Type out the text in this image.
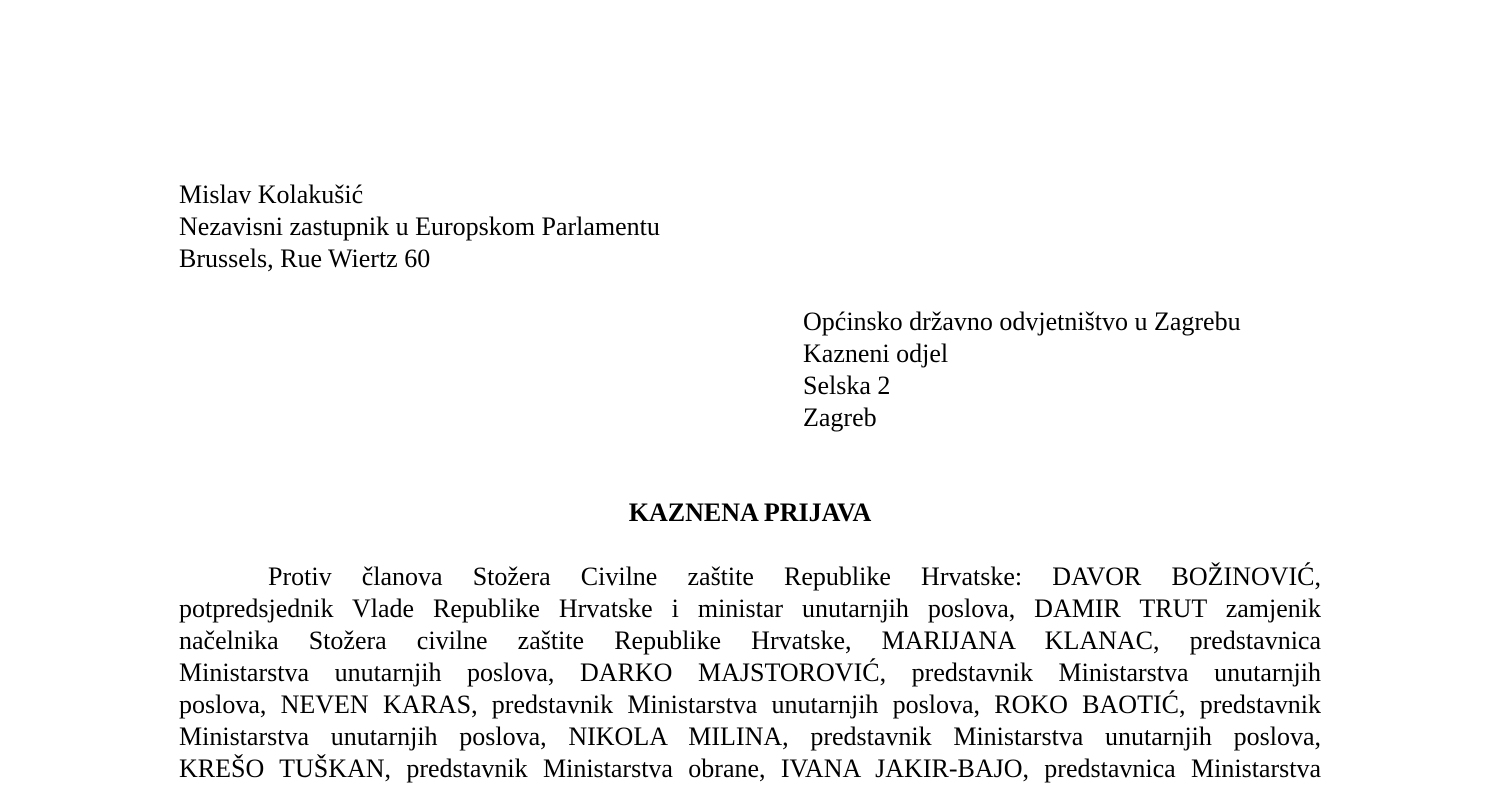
Mislav Kolakušić
Nezavisni zastupnik u Europskom Parlamentu
Brussels, Rue Wiertz 60
Općinsko državno odvjetništvo u Zagrebu
Kazneni odjel
Selska 2
Zagreb
KAZNENA PRIJAVA
Protiv članova Stožera Civilne zaštite Republike Hrvatske: DAVOR BOŽINOVIĆ,
potpredsjednik Vlade Republike Hrvatske i ministar unutarnjih poslova, DAMIR TRUT zamjenik
načelnika Stožera civilne zaštite Republike Hrvatske, MARIJANA KLANAC, predstavnica
Ministarstva unutarnjih poslova, DARKO MAJSTOROVIĆ, predstavnik Ministarstva unutarnjih
poslova, NEVEN KARAS, predstavnik Ministarstva unutarnjih poslova, ROKO BAOTIĆ, predstavnik
Ministarstva unutarnjih poslova, NIKOLA MILINA, predstavnik Ministarstva unutarnjih poslova,
KREŠO TUŠKAN, predstavnik Ministarstva obrane, IVANA JAKIR-BAJO, predstavnica Ministarstva
